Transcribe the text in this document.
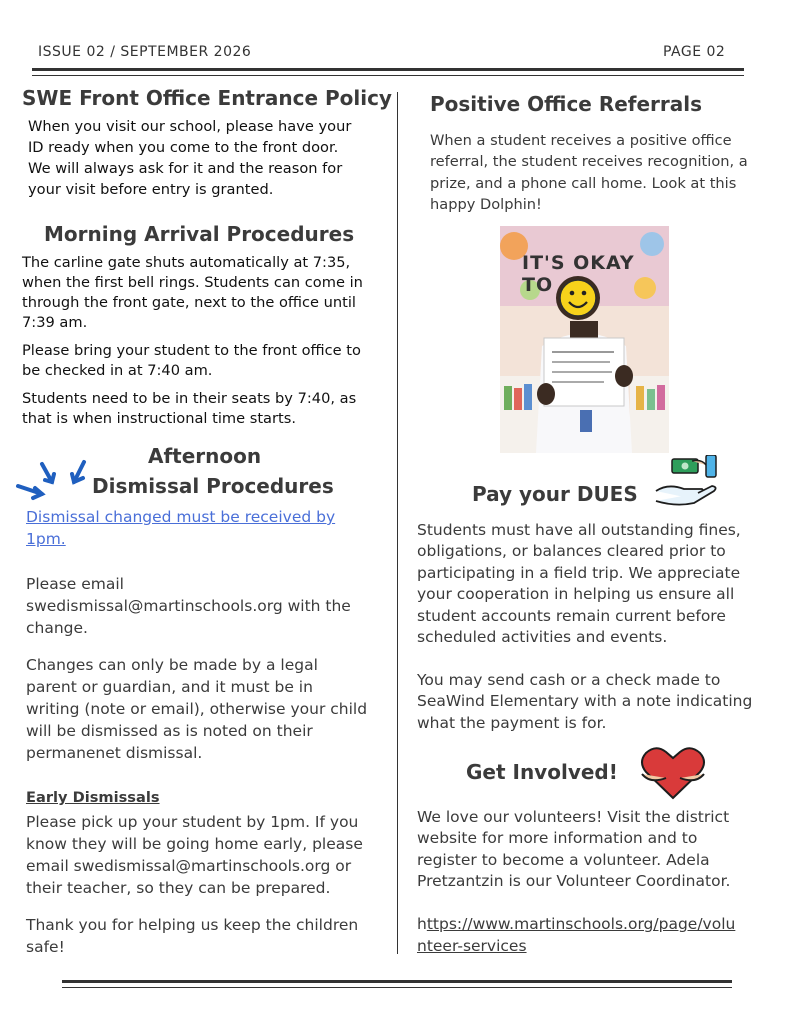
ISSUE 02 / SEPTEMBER 2026	PAGE 02
SWE Front Office Entrance Policy

When you visit our school, please have your

ID ready when you come to the front door.

We will always ask for it and the reason for

your visit before entry is granted.

Morning Arrival Procedures

The carline gate shuts automatically at 7:35,

when the first bell rings. Students can come in

through the front gate, next to the office until

7:39 am.

Please bring your student to the front office to

be checked in at 7:40 am.

Students need to be in their seats by 7:40, as

that is when instructional time starts.

Afternoon
Dismissal Procedures
Dismissal changed must be received by
1pm.

Please email

swedismissal@martinschools.org with the

change.

Changes can only be made by a legal

parent or guardian, and it must be in

writing (note or email), otherwise your child

will be dismissed as is noted on their

permanenet dismissal.

Early Dismissals

Please pick up your student by 1pm. If you

know they will be going home early, please

email swedismissal@martinschools.org or

their teacher, so they can be prepared.

Thank you for helping us keep the children

safe!

Positive Office Referrals

When a student receives a positive office

referral, the student receives recognition, a

prize, and a phone call home. Look at this

happy Dolphin!

IT'S OKAY TO
Pay your DUES

Students must have all outstanding fines,

obligations, or balances cleared prior to

participating in a field trip. We appreciate

your cooperation in helping us ensure all

student accounts remain current before

scheduled activities and events.

You may send cash or a check made to

SeaWind Elementary with a note indicating

what the payment is for.

Get Involved!

We love our volunteers! Visit the district

website for more information and to

register to become a volunteer. Adela

Pretzantzin is our Volunteer Coordinator.

https://www.martinschools.org/page/volu
nteer-services
